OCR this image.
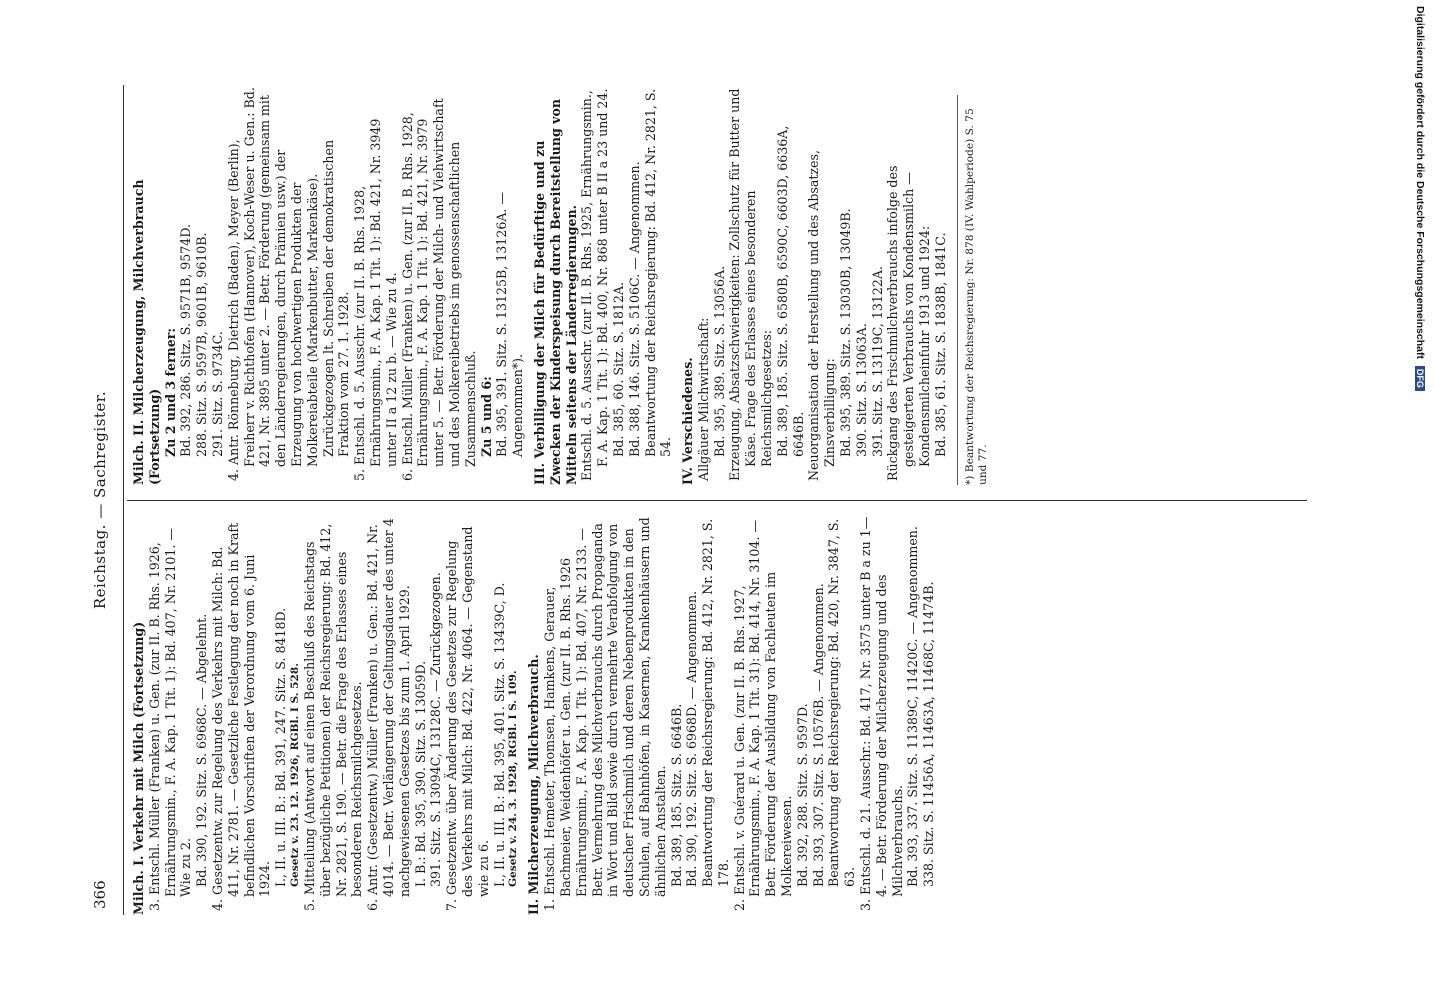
366
Reichstag. — Sachregister.
Milch. I. Verkehr mit Milch (Fortsetzung) 3. Entschl. Müller (Franken) u. Gen. (zur II. B. Rhs. 1926, Ernährungsmin., F. A. Kap. 1 Tit. 1): Bd. 407, Nr. 2101. — Wie zu 2. Bd. 390, 192. Sitz. S. 6968C. — Abgelehnt. 4. Gesetzentw. zur Regelung des Verkehrs mit Milch: Bd. 411, Nr. 2781. — Gesetzliche Festlegung der noch in Kraft befindlichen Vorschriften der Verordnung vom 6. Juni 1924. I., II. u. III. B.: Bd. 391, 247. Sitz. S. 8418D. Gesetz v. 23. 12. 1926, RGBl. I S. 528. 5. Mitteilung (Antwort auf einen Beschluß des Reichstags über bezügliche Petitionen) der Reichsregierung: Bd. 412, Nr. 2821, S. 190. — Betr. die Frage des Erlasses eines besonderen Reichsmilchgesetzes. 6. Antr. (Gesetzentw.) Müller (Franken) u. Gen.: Bd. 421, Nr. 4014. — Betr. Verlängerung der Geltungsdauer des unter 4 nachgewiesenen Gesetzes bis zum 1. April 1929. I. B.: Bd. 395, 390. Sitz. S. 13059D. 391. Sitz. S. 13094C, 13128C. — Zurückgezogen. 7. Gesetzentw. über Änderung des Gesetzes zur Regelung des Verkehrs mit Milch: Bd. 422, Nr. 4064. — Gegenstand wie zu 6. I., II. u. III. B.: Bd. 395, 401. Sitz. S. 13439C, D. Gesetz v. 24. 3. 1928, RGBl. I S. 109. II. Milcherzeugung, Milchverbrauch. 1. Entschl. Hemeter, Thomsen, Hamkens, Gerauer, Bachmeier, Weidenhöfer u. Gen. (zur II. B. Rhs. 1926 Ernährungsmin., F. A. Kap. 1 Tit. 1): Bd. 407, Nr. 2133. — Betr. Vermehrung des Milchverbrauchs durch Propaganda in Wort und Bild sowie durch vermehrte Verabfolgung von deutscher Frischmilch und deren Nebenprodukten in den Schulen, auf Bahnhöfen, in Kasernen, Krankenhäusern und ähnlichen Anstalten. Bd. 389, 185. Sitz. S. 6646B. Bd. 390, 192. Sitz. S. 6968D. — Angenommen. Beantwortung der Reichsregierung: Bd. 412, Nr. 2821, S. 178. 2. Entschl. v. Guérard u. Gen. (zur II. B. Rhs. 1927, Ernährungsmin., F. A. Kap. 1 Tit. 31): Bd. 414, Nr. 3104. — Betr. Förderung der Ausbildung von Fachleuten im Molkereiwesen. Bd. 392, 288. Sitz. S. 9597D. Bd. 393, 307. Sitz. S. 10576B. — Angenommen. Beantwortung der Reichsregierung: Bd. 420, Nr. 3847, S. 63. 3. Entschl. d. 21. Ausschr.: Bd. 417, Nr. 3575 unter B a zu 1—4. — Betr. Förderung der Milcherzeugung und des Milchverbrauchs. Bd. 393, 337. Sitz. S. 11389C, 11420C. — Angenommen. 338. Sitz. S. 11456A, 11463A, 11468C, 11474B.
Milch. II. Milcherzeugung, Milchverbrauch (Fortsetzung) Zu 2 und 3 ferner: Bd. 392, 286. Sitz. S. 9571B, 9574D. 288. Sitz. S. 9597B, 9601B, 9610B. 291. Sitz. S. 9734C. 4. Antr. Rönneburg, Dietrich (Baden), Meyer (Berlin), Freiherr v. Richthofen (Hannover), Koch-Weser u. Gen.: Bd. 421, Nr. 3895 unter 2. — Betr. Förderung (gemeinsam mit den Länderregierungen, durch Prämien usw.) der Erzeugung von hochwertigen Produkten der Molkereiabteile (Markenbutter, Markenkäse). Zurückgezogen lt. Schreiben der demokratischen Fraktion vom 27. 1. 1928. 5. Entschl. d. 5. Ausschr. (zur II. B. Rhs. 1928, Ernährungsmin., F. A. Kap. 1 Tit. 1): Bd. 421, Nr. 3949 unter II a 12 zu b. — Wie zu 4. 6. Entschl. Müller (Franken) u. Gen. (zur II. B. Rhs. 1928, Ernährungsmin., F. A. Kap. 1 Tit. 1): Bd. 421, Nr. 3979 unter 5. — Betr. Förderung der Milch- und Viehwirtschaft und des Molkereibetriebs im genossenschaftlichen Zusammenschluß. Zu 5 und 6: Bd. 395, 391. Sitz. S. 13125B, 13126A. — Angenommen*). III. Verbilligung der Milch für Bedürftige und zu Zwecken der Kinderspeisung durch Bereitstellung von Mitteln seitens der Länderregierungen. Entschl. d. 5. Ausschr. (zur II. B. Rhs. 1925, Ernährungsmin., F. A. Kap. 1 Tit. 1): Bd. 400, Nr. 868 unter B II a 23 und 24. Bd. 385, 60. Sitz. S. 1812A. Bd. 388, 146. Sitz. S. 5106C. — Angenommen. Beantwortung der Reichsregierung: Bd. 412, Nr. 2821, S. 54. IV. Verschiedenes. Allgäuer Milchwirtschaft: Bd. 395, 389. Sitz. S. 13056A. Erzeugung, Absatzschwierigkeiten: Zollschutz für Butter und Käse. Frage des Erlasses eines besonderen Reichsmilchgesetzes: Bd. 389, 185. Sitz. S. 6580B, 6590C, 6603D, 6636A, 6646B. Neuorganisation der Herstellung und des Absatzes, Zinsverbilligung: Bd. 395, 389. Sitz. S. 13030B, 13049B. 390. Sitz. S. 13063A. 391. Sitz. S. 13119C, 13122A. Rückgang des Frischmilchverbrauchs infolge des gesteigerten Verbrauchs von Kondensmilch — Kondensmilcheinfuhr 1913 und 1924: Bd. 385, 61. Sitz. S. 1838B, 1841C.	*) Beantwortung der Reichsregierung: Nr. 878 (IV. Wahlperiode) S. 75 und 77.
Digitalisierung gefördert durch die Deutsche Forschungsgemeinschaft DFG
